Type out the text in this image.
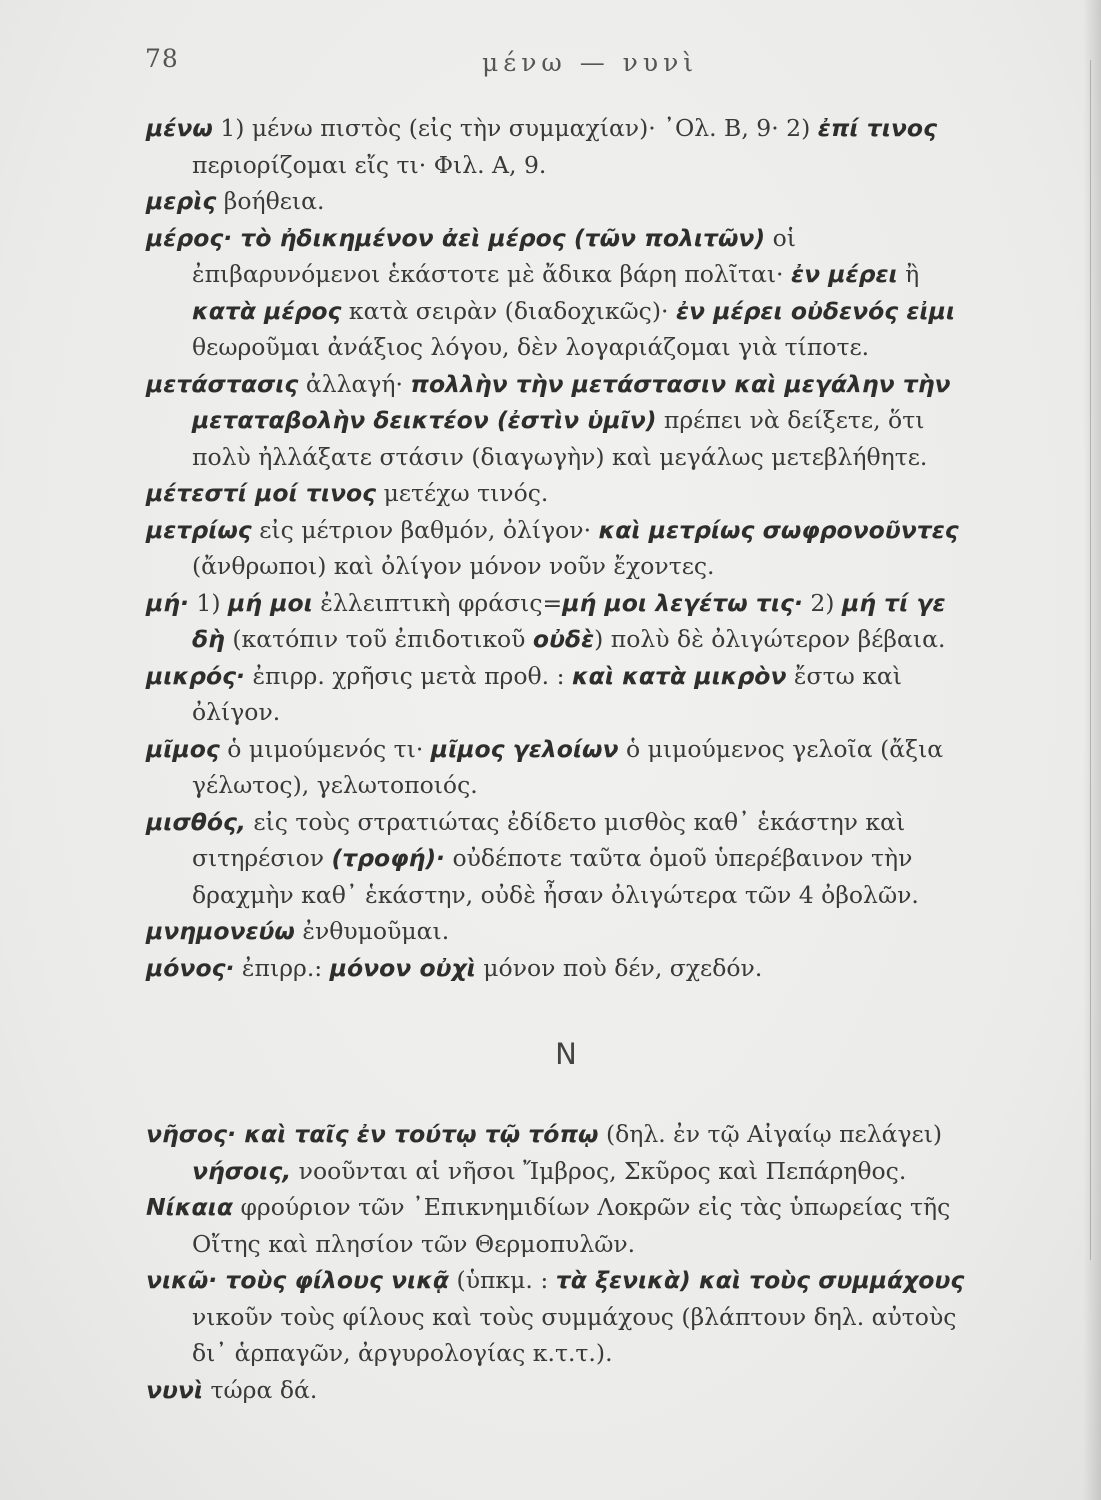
78	μένω — νυνὶ

μένω 1) μένω πιστὸς (εἰς τὴν συμμαχίαν)· ᾿Ολ. Β, 9· 2) ἐπί τινος περιορίζομαι εἴς τι· Φιλ. Α, 9.

μερὶς βοήθεια.

μέρος· τὸ ἠδικημένον ἀεὶ μέρος (τῶν πολιτῶν) οἱ ἐπιβαρυνόμενοι ἑκάστοτε μὲ ἄδικα βάρη πολῖται· ἐν μέρει ἢ κατὰ μέρος κατὰ σειρὰν (διαδοχικῶς)· ἐν μέρει οὐδενός εἰμι θεωροῦμαι ἀνάξιος λόγου, δὲν λογαριάζομαι γιὰ τίποτε.

μετάστασις ἀλλαγή· πολλὴν τὴν μετάστασιν καὶ μεγάλην τὴν μεταταβολὴν δεικτέον (ἐστὶν ὑμῖν) πρέπει νὰ δείξετε, ὅτι πολὺ ἠλλάξατε στάσιν (διαγωγὴν) καὶ μεγάλως μετεβλήθητε.

μέτεστί μοί τινος μετέχω τινός.

μετρίως εἰς μέτριον βαθμόν, ὀλίγον· καὶ μετρίως σωφρονοῦντες (ἄνθρωποι) καὶ ὀλίγον μόνον νοῦν ἔχοντες.

μή· 1) μή μοι ἐλλειπτικὴ φράσις=μή μοι λεγέτω τις· 2) μή τί γε δὴ (κατόπιν τοῦ ἐπιδοτικοῦ οὐδὲ) πολὺ δὲ ὀλιγώτερον βέβαια.

μικρός· ἐπιρρ. χρῆσις μετὰ προθ. : καὶ κατὰ μικρὸν ἔστω καὶ ὀλίγον.

μῖμος ὁ μιμούμενός τι· μῖμος γελοίων ὁ μιμούμενος γελοῖα (ἄξια γέλωτος), γελωτοποιός.

μισθός, εἰς τοὺς στρατιώτας ἐδίδετο μισθὸς καθ᾿ ἑκάστην καὶ σιτηρέσιον (τροφή)· οὐδέποτε ταῦτα ὁμοῦ ὑπερέβαινον τὴν δραχμὴν καθ᾿ ἑκάστην, οὐδὲ ἦσαν ὀλιγώτερα τῶν 4 ὀβολῶν.

μνημονεύω ἐνθυμοῦμαι.

μόνος· ἐπιρρ.: μόνον οὐχὶ μόνον ποὺ δέν, σχεδόν.

N

νῆσος· καὶ ταῖς ἐν τούτῳ τῷ τόπῳ (δηλ. ἐν τῷ Αἰγαίῳ πελάγει) νήσοις, νοοῦνται αἱ νῆσοι Ἴμβρος, Σκῦρος καὶ Πεπάρηθος.

Νίκαια φρούριον τῶν ᾿Επικνημιδίων Λοκρῶν εἰς τὰς ὑπωρείας τῆς Οἴτης καὶ πλησίον τῶν Θερμοπυλῶν.

νικῶ· τοὺς φίλους νικᾷ (ὑπκμ. : τὰ ξενικὰ) καὶ τοὺς συμμάχους νικοῦν τοὺς φίλους καὶ τοὺς συμμάχους (βλάπτουν δηλ. αὐτοὺς δι᾿ ἁρπαγῶν, ἀργυρολογίας κ.τ.τ.).

νυνὶ τώρα δά.
